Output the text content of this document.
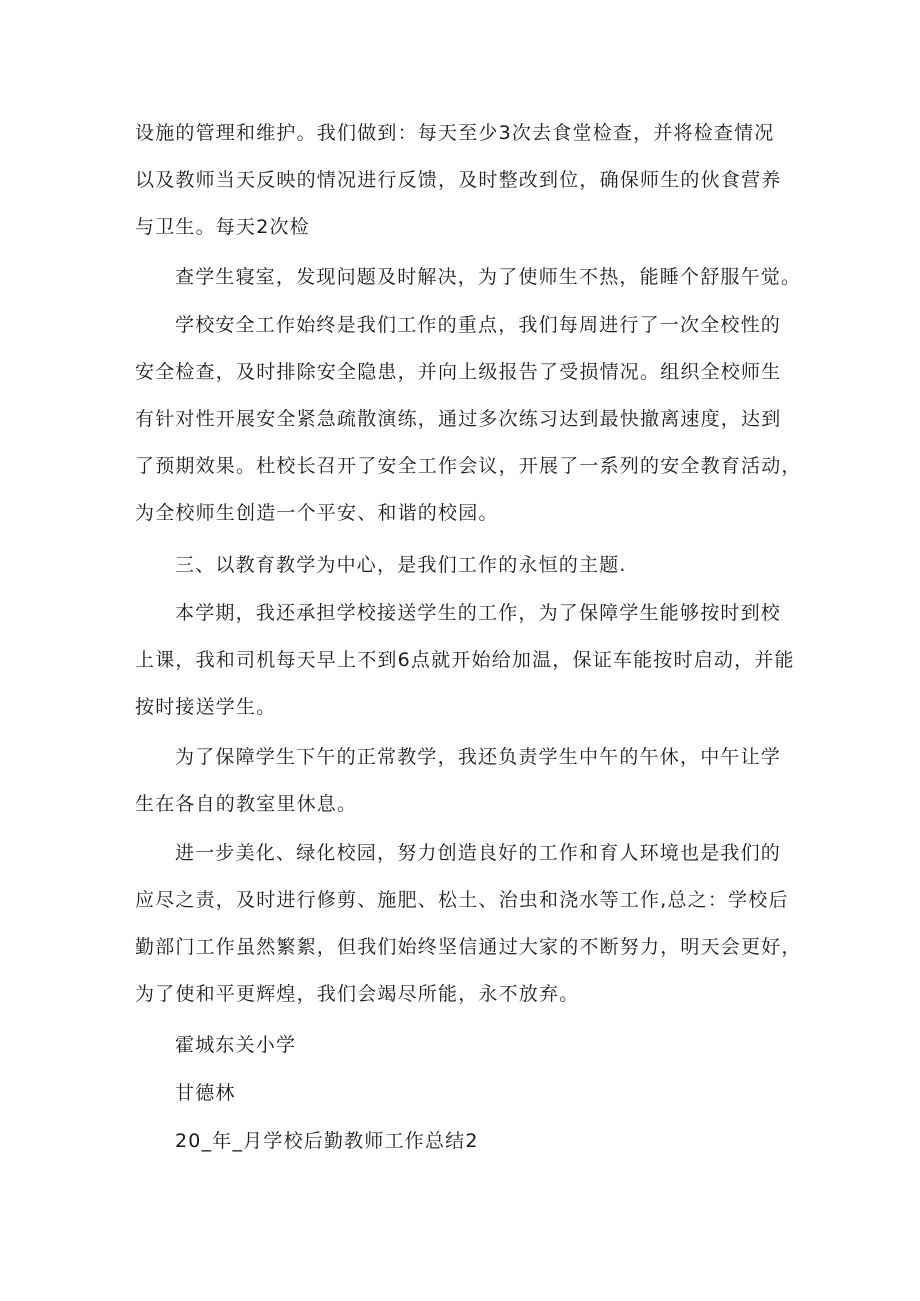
设施的管理和维护。我们做到：每天至少3次去食堂检查，并将检查情况
以及教师当天反映的情况进行反馈，及时整改到位，确保师生的伙食营养
与卫生。每天2次检
查学生寝室，发现问题及时解决，为了使师生不热，能睡个舒服午觉。
学校安全工作始终是我们工作的重点，我们每周进行了一次全校性的
安全检查，及时排除安全隐患，并向上级报告了受损情况。组织全校师生
有针对性开展安全紧急疏散演练，通过多次练习达到最快撤离速度，达到
了预期效果。杜校长召开了安全工作会议，开展了一系列的安全教育活动，
为全校师生创造一个平安、和谐的校园。
三、以教育教学为中心，是我们工作的永恒的主题.
本学期，我还承担学校接送学生的工作，为了保障学生能够按时到校
上课，我和司机每天早上不到6点就开始给加温，保证车能按时启动，并能
按时接送学生。
为了保障学生下午的正常教学，我还负责学生中午的午休，中午让学
生在各自的教室里休息。
进一步美化、绿化校园，努力创造良好的工作和育人环境也是我们的
应尽之责，及时进行修剪、施肥、松土、治虫和浇水等工作,总之：学校后
勤部门工作虽然繁絮，但我们始终坚信通过大家的不断努力，明天会更好，
为了使和平更辉煌，我们会竭尽所能，永不放弃。
霍城东关小学
甘德林
20_年_月学校后勤教师工作总结2
